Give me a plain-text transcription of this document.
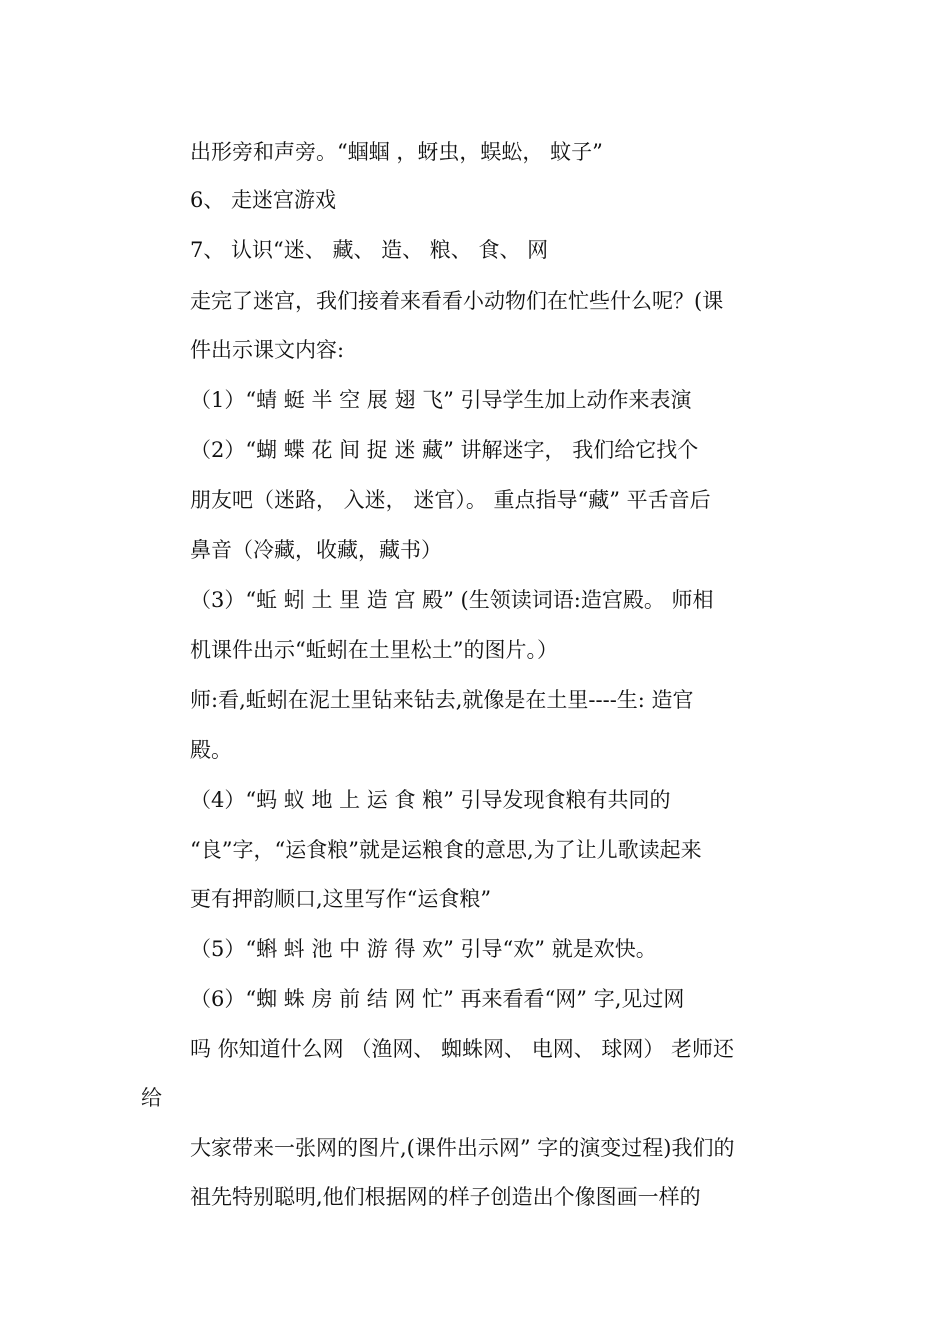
出形旁和声旁。“蝈蝈 ，蚜虫，蜈蚣， 蚊子”
6、 走迷宫游戏
7、 认识“迷、 藏、 造、 粮、 食、 网
走完了迷宫，我们接着来看看小动物们在忙些什么呢？(课
件出示课文内容:
（1）“蜻 蜓 半 空 展 翅 飞” 引导学生加上动作来表演
（2）“蝴 蝶 花 间 捉 迷 藏” 讲解迷字， 我们给它找个
朋友吧（迷路， 入迷， 迷官）。 重点指导“藏” 平舌音后
鼻音（冷藏，收藏，藏书）
（3）“蚯 蚓 土 里 造 宫 殿” (生领读词语:造宫殿。 师相
机课件出示“蚯蚓在土里松土”的图片。）
师:看,蚯蚓在泥土里钻来钻去,就像是在土里----生: 造官
殿。
（4）“蚂 蚁 地 上 运 食 粮” 引导发现食粮有共同的
“良”字，“运食粮”就是运粮食的意思,为了让儿歌读起来
更有押韵顺口,这里写作“运食粮”
（5）“蝌 蚪 池 中 游 得 欢” 引导“欢” 就是欢快。
（6）“蜘 蛛 房 前 结 网 忙” 再来看看“网” 字,见过网
吗 你知道什么网 （渔网、 蜘蛛网、 电网、 球网） 老师还
给
大家带来一张网的图片,(课件出示网” 字的演变过程)我们的
祖先特别聪明,他们根据网的样子创造出个像图画一样的
